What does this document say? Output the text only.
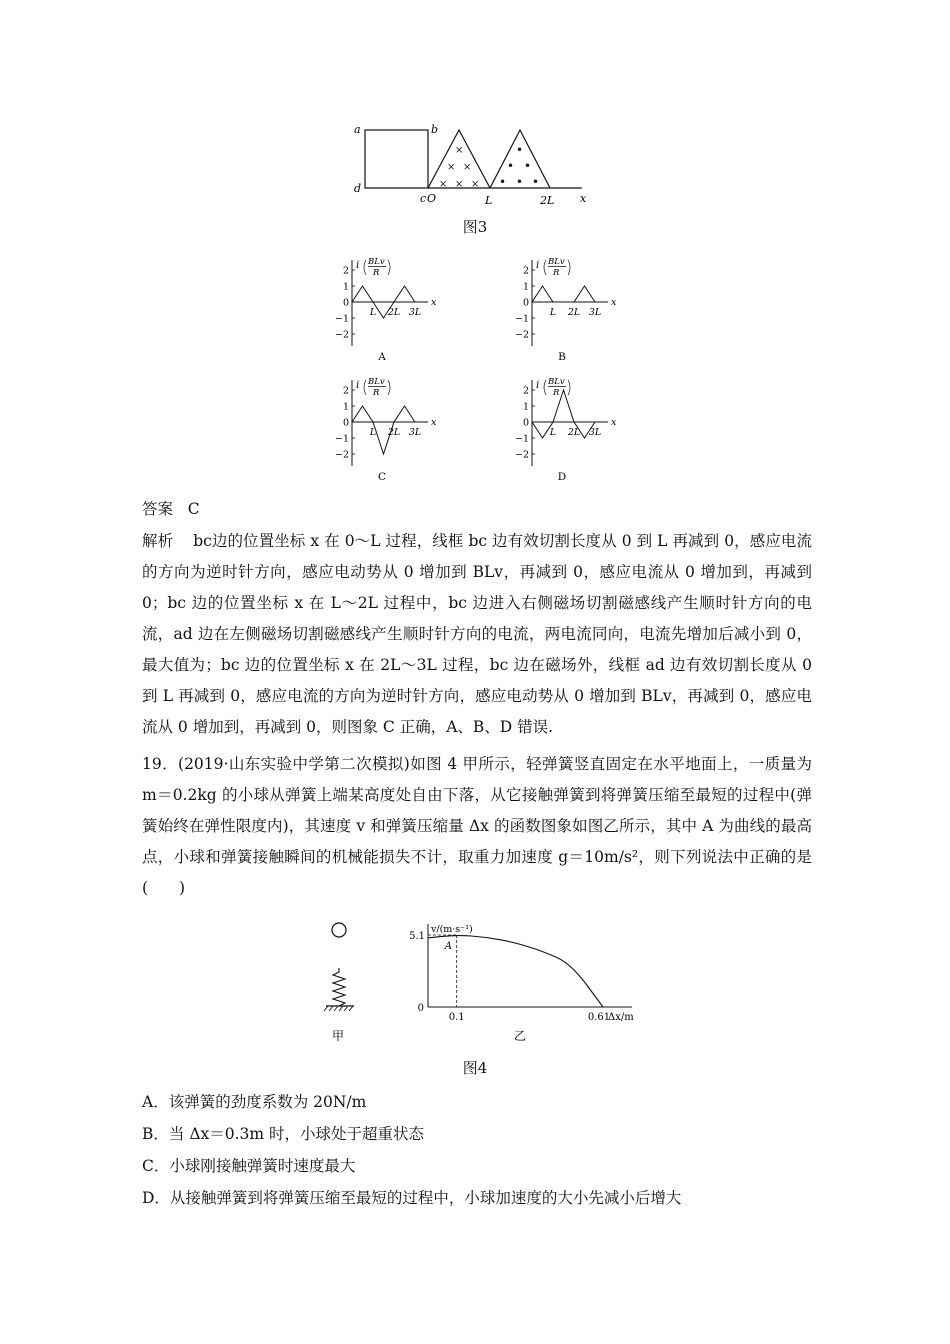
a	b
d
c O	L	2L x
×
× ×
× × ×
•
• •
• • •
图3
i BLv
R
2
1
0
−1
−2
L 2L 3L
x
A
i BLv
R
2
1
0
−1
−2
L 2L 3L
x
B
i BLv
R
2
1
0
−1
−2
L 2L 3L
x
C
i BLv
R
2
1
0
−1
−2
L 2L 3L
x
D
答案 C
解析 bc边的位置坐标 x 在 0～L 过程，线框 bc 边有效切割长度从 0 到 L 再减到 0，感应电流的方向为逆时针方向，感应电动势从 0 增加到 BLv，再减到 0，感应电流从 0 增加到，再减到 0；bc 边的位置坐标 x 在 L～2L 过程中，bc 边进入右侧磁场切割磁感线产生顺时针方向的电流，ad 边在左侧磁场切割磁感线产生顺时针方向的电流，两电流同向，电流先增加后减小到 0，最大值为；bc 边的位置坐标 x 在 2L～3L 过程，bc 边在磁场外，线框 ad 边有效切割长度从 0 到 L 再减到 0，感应电流的方向为逆时针方向，感应电动势从 0 增加到 BLv，再减到 0，感应电流从 0 增加到，再减到 0，则图象 C 正确，A、B、D 错误.
19．(2019·山东实验中学第二次模拟)如图 4 甲所示，轻弹簧竖直固定在水平地面上，一质量为 m＝0.2kg 的小球从弹簧上端某高度处自由下落，从它接触弹簧到将弹簧压缩至最短的过程中(弹簧始终在弹性限度内)，其速度 v 和弹簧压缩量 Δx 的函数图象如图乙所示，其中 A 为曲线的最高点，小球和弹簧接触瞬间的机械能损失不计，取重力加速度 g＝10m/s²，则下列说法中正确的是(　　)
甲
v/(m·s⁻¹)
Δx/m
5.1
0
0.1	0.61
A
乙
图4
A．该弹簧的劲度系数为 20N/m
B．当 Δx＝0.3m 时，小球处于超重状态
C．小球刚接触弹簧时速度最大
D．从接触弹簧到将弹簧压缩至最短的过程中，小球加速度的大小先减小后增大
